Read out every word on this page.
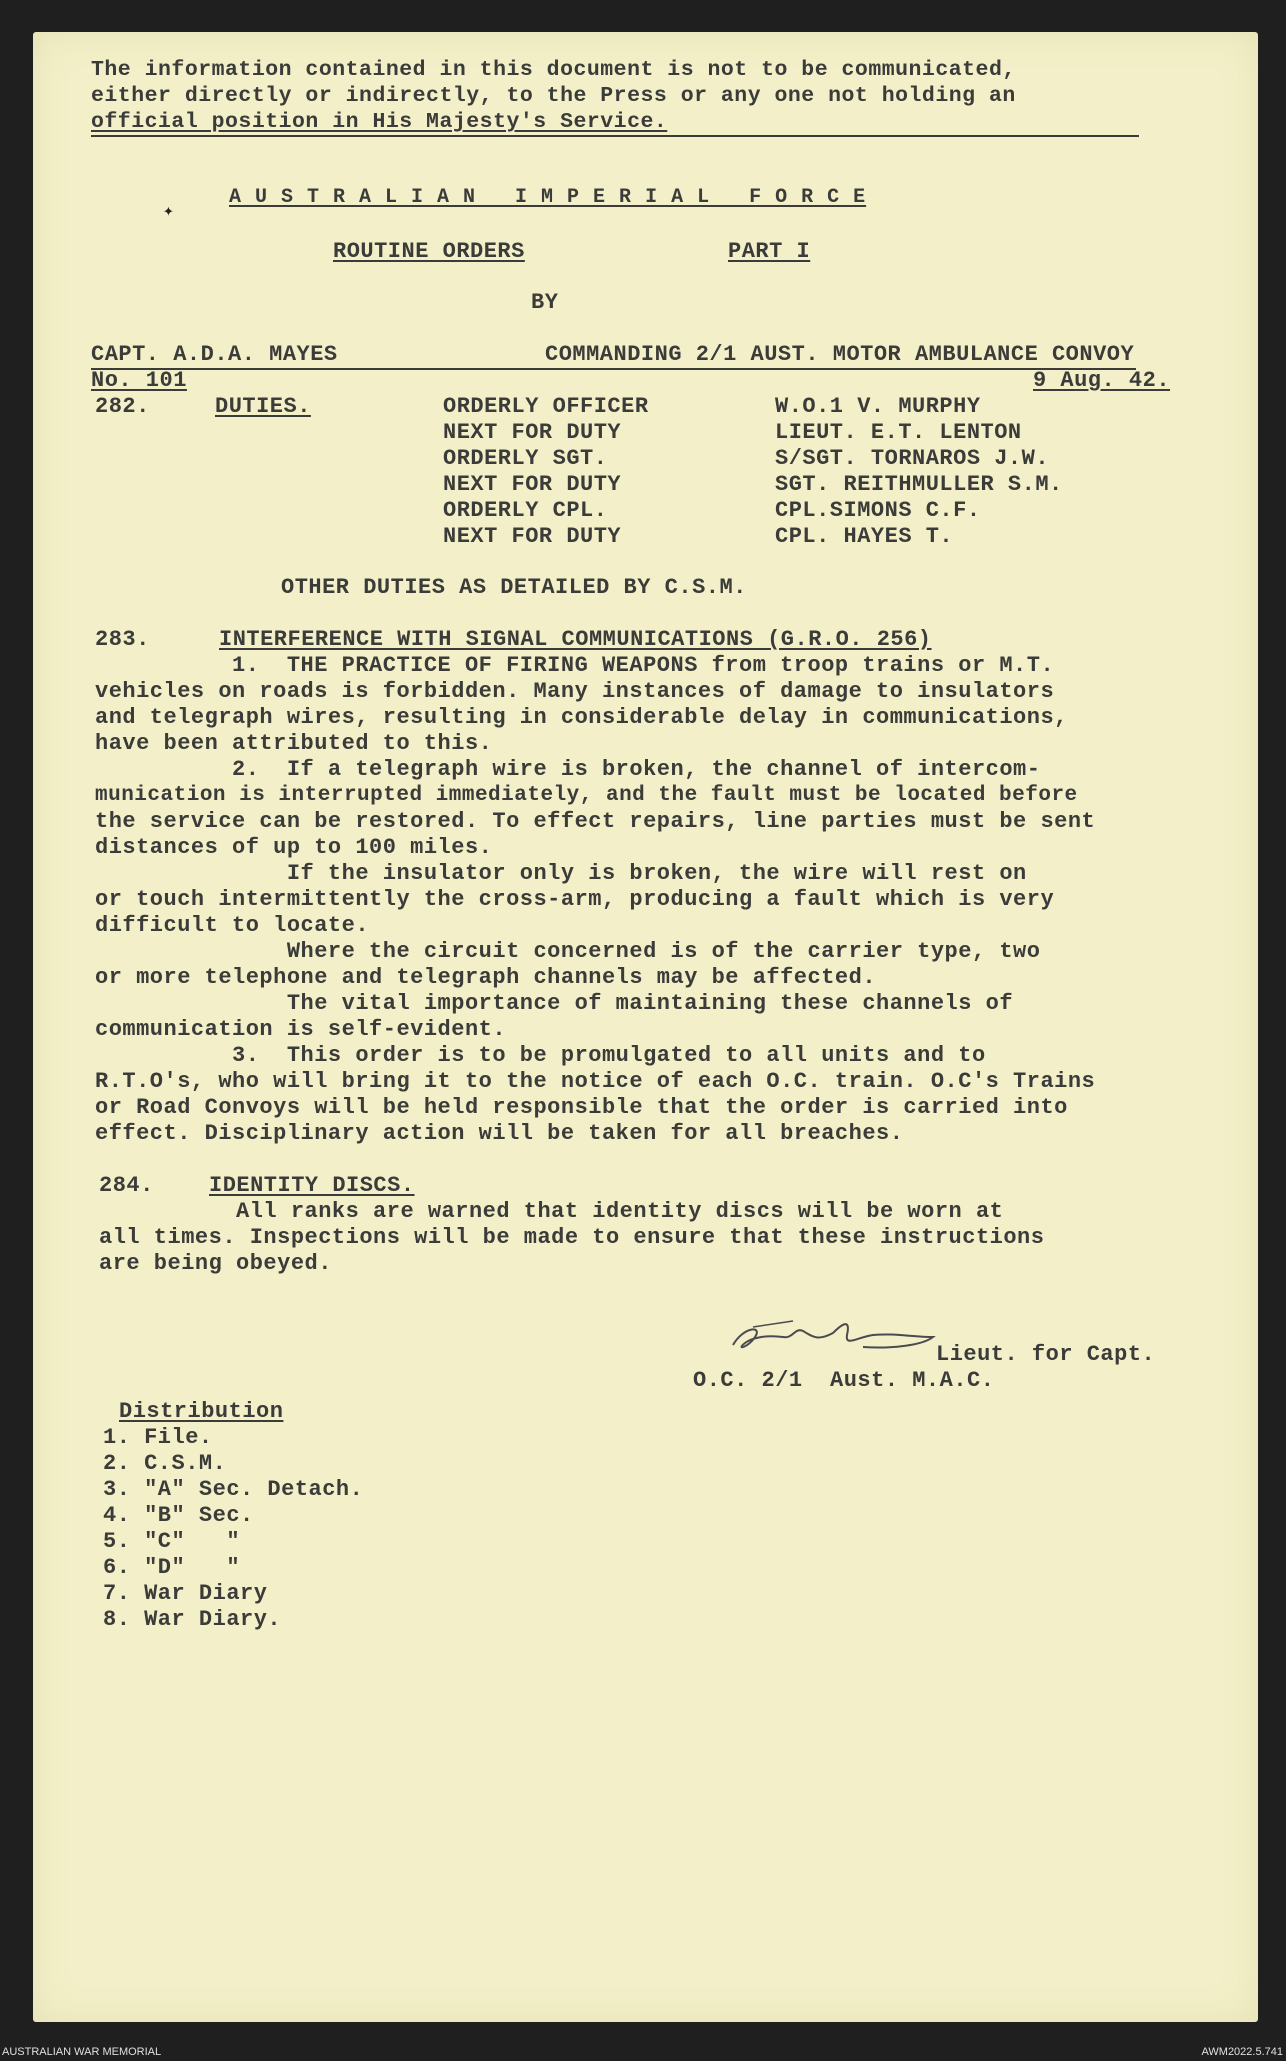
The information contained in this document is not to be communicated,
either directly or indirectly, to the Press or any one not holding an
official position in His Majesty's Service.
✦
A U S T R A L I A N   I M P E R I A L   F O R C E
ROUTINE ORDERS	PART I
BY
CAPT. A.D.A. MAYES	COMMANDING 2/1 AUST. MOTOR AMBULANCE CONVOY
No. 101	9 Aug. 42.
282.	DUTIES.	ORDERLY OFFICER	W.O.1 V. MURPHY
NEXT FOR DUTY	LIEUT. E.T. LENTON
ORDERLY SGT.	S/SGT. TORNAROS J.W.
NEXT FOR DUTY	SGT. REITHMULLER S.M.
ORDERLY CPL.	CPL.SIMONS C.F.
NEXT FOR DUTY	CPL. HAYES T.
OTHER DUTIES AS DETAILED BY C.S.M.
283.	INTERFERENCE WITH SIGNAL COMMUNICATIONS (G.R.O. 256)
1.  THE PRACTICE OF FIRING WEAPONS from troop trains or M.T.
vehicles on roads is forbidden. Many instances of damage to insulators
and telegraph wires, resulting in considerable delay in communications,
have been attributed to this.
2.  If a telegraph wire is broken, the channel of intercom-
munication is interrupted immediately, and the fault must be located before
the service can be restored. To effect repairs, line parties must be sent
distances of up to 100 miles.
If the insulator only is broken, the wire will rest on
or touch intermittently the cross-arm, producing a fault which is very
difficult to locate.
Where the circuit concerned is of the carrier type, two
or more telephone and telegraph channels may be affected.
The vital importance of maintaining these channels of
communication is self-evident.
3.  This order is to be promulgated to all units and to
R.T.O's, who will bring it to the notice of each O.C. train. O.C's Trains
or Road Convoys will be held responsible that the order is carried into
effect. Disciplinary action will be taken for all breaches.
284.	IDENTITY DISCS.
All ranks are warned that identity discs will be worn at
all times. Inspections will be made to ensure that these instructions
are being obeyed.
Lieut. for Capt.
O.C. 2/1  Aust. M.A.C.
Distribution
1. File.
2. C.S.M.
3. "A" Sec. Detach.
4. "B" Sec.
5. "C"   "
6. "D"   "
7. War Diary
8. War Diary.
AUSTRALIAN WAR MEMORIAL	AWM2022.5.741
